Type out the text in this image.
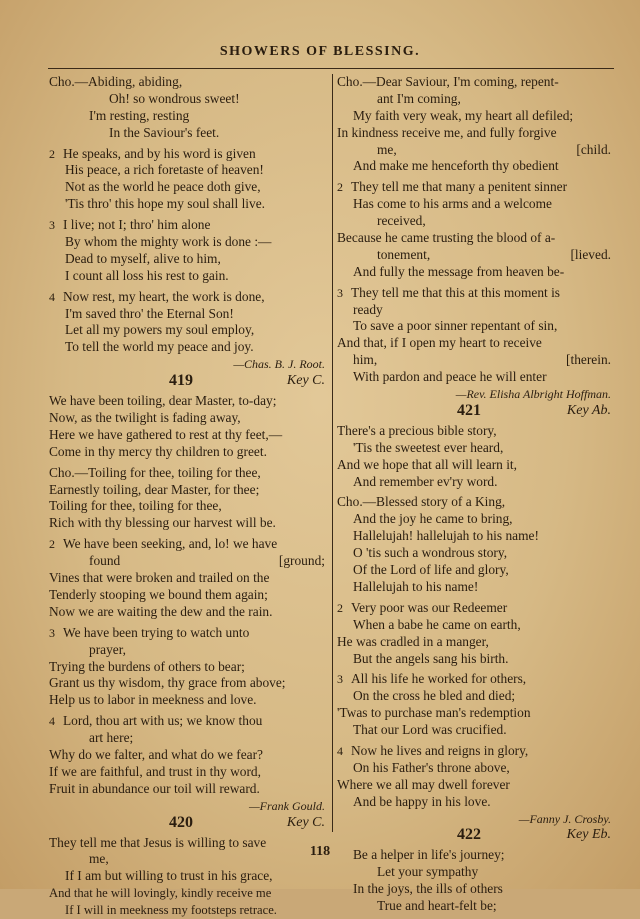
SHOWERS OF BLESSING.
Cho.—Abiding, abiding,
Oh! so wondrous sweet!
I'm resting, resting
In the Saviour's feet.
2 He speaks, and by his word is given
His peace, a rich foretaste of heaven!
Not as the world he peace doth give,
'Tis thro' this hope my soul shall live.
3 I live; not I; thro' him alone
By whom the mighty work is done :—
Dead to myself, alive to him,
I count all loss his rest to gain.
4 Now rest, my heart, the work is done,
I'm saved thro' the Eternal Son!
Let all my powers my soul employ,
To tell the world my peace and joy.
—Chas. B. J. Root.
419	Key C.
We have been toiling, dear Master, to-day;
Now, as the twilight is fading away,
Here we have gathered to rest at thy feet,—
Come in thy mercy thy children to greet.
Cho.—Toiling for thee, toiling for thee,
Earnestly toiling, dear Master, for thee;
Toiling for thee, toiling for thee,
Rich with thy blessing our harvest will be.
2 We have been seeking, and, lo! we have
found	[ground;
Vines that were broken and trailed on the
Tenderly stooping we bound them again;
Now we are waiting the dew and the rain.
3 We have been trying to watch unto
prayer,
Trying the burdens of others to bear;
Grant us thy wisdom, thy grace from above;
Help us to labor in meekness and love.
4 Lord, thou art with us; we know thou
art here;
Why do we falter, and what do we fear?
If we are faithful, and trust in thy word,
Fruit in abundance our toil will reward.
—Frank Gould.
420	Key C.
They tell me that Jesus is willing to save
me,
If I am but willing to trust in his grace,
And that he will lovingly, kindly receive me
If I will in meekness my footsteps retrace.
Cho.—Dear Saviour, I'm coming, repent-
ant I'm coming,
My faith very weak, my heart all defiled;
In kindness receive me, and fully forgive
me,	[child.
And make me henceforth thy obedient
2 They tell me that many a penitent sinner
Has come to his arms and a welcome
received,
Because he came trusting the blood of a-
tonement,	[lieved.
And fully the message from heaven be-
3 They tell me that this at this moment is
ready
To save a poor sinner repentant of sin,
And that, if I open my heart to receive
him,	[therein.
With pardon and peace he will enter
—Rev. Elisha Albright Hoffman.
421	Key Ab.
There's a precious bible story,
'Tis the sweetest ever heard,
And we hope that all will learn it,
And remember ev'ry word.
Cho.—Blessed story of a King,
And the joy he came to bring,
Hallelujah! hallelujah to his name!
O 'tis such a wondrous story,
Of the Lord of life and glory,
Hallelujah to his name!
2 Very poor was our Redeemer
When a babe he came on earth,
He was cradled in a manger,
But the angels sang his birth.
3 All his life he worked for others,
On the cross he bled and died;
'Twas to purchase man's redemption
That our Lord was crucified.
4 Now he lives and reigns in glory,
On his Father's throne above,
Where we all may dwell forever
And be happy in his love.
—Fanny J. Crosby.
422	Key Eb.
Be a helper in life's journey;
Let your sympathy
In the joys, the ills of others
True and heart-felt be;
118
